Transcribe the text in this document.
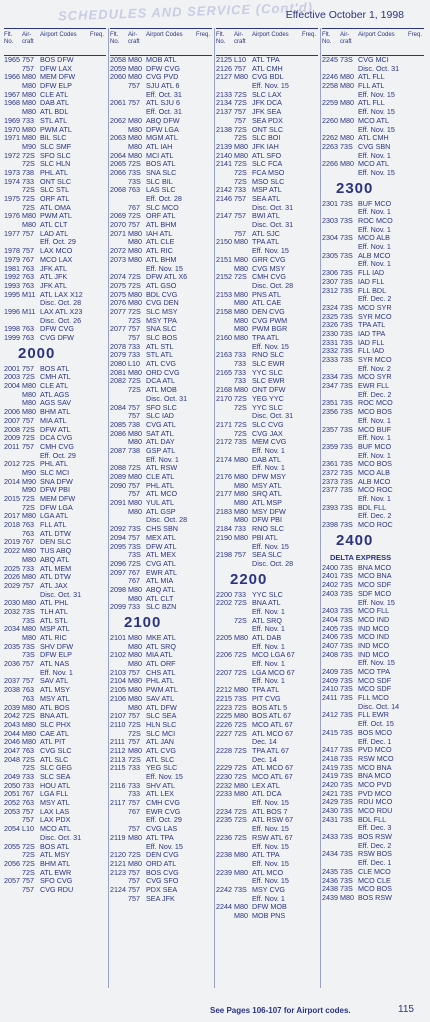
SCHEDULES AND SERVICE (Cont'd)
Effective October 1, 1998
Flt. No.
Air- craft
Airport Codes	Freq.
1965 757 BOS DFW
757 DFW LAX
1966 M80 MEM DFW
M80 DFW ELP
1967 M80 CLE ATL
1968 M80 DAB ATL
M80 ATL BDL
1969 733 STL ATL
1970 M80 PWM ATL
1971 M80 BIL SLC
M90 SLC SMF
1972 72S SFO SLC
72S SLC HLN
1973 738 PHL ATL
1974 733 ONT SLC
72S SLC STL
1975 72S ORF ATL
72S ATL OMA
1976 M80 PWM ATL
M80 ATL CLT
1977 757 LAD ATL
Eff. Oct. 29
1978 757 LAX MCO
1979 767 MCO LAX
1981 763 JFK ATL
1992 763 ATL JFK
1993 763 JFK ATL
1995 M11 ATL LAX X12
Disc. Oct. 28
1996 M11 LAX ATL X23
Disc. Oct. 26
1998 763 DFW CVG
1999 763 CVG DFW
2000
2001 757 BOS ATL
2003 72S CMH ATL
2004 M80 CLE ATL
M80 ATL AGS
M80 AGS SAV
2006 M80 BHM ATL
2007 757 MIA ATL
2008 72S DFW ATL
2009 72S DCA CVG
2011 757 CMH CVG
Eff. Oct. 29
2012 72S PHL ATL
M90 SLC MCI
2014 M90 SNA DFW
M90 DFW PBI
2015 72S MEM DFW
72S DFW LGA
2017 M80 LGA ATL
2018 763 FLL ATL
763 ATL DTW
2019 767 DEN SLC
2022 M80 TUS ABQ
M80 ABQ ATL
2025 733 ATL MEM
2026 M80 ATL DTW
2029 757 ATL JAX
Disc. Oct. 31
2030 M80 ATL PHL
2032 73S TLH ATL
73S ATL STL
2034 M80 MSP ATL
M80 ATL RIC
2035 73S SHV DFW
73S DFW ELP
2036 757 ATL NAS
Eff. Nov. 1
2037 757 SAV ATL
2038 763 ATL MSY
763 MSY ATL
2039 M80 ATL BOS
2042 72S BNA ATL
2043 M80 SLC PHX
2044 M80 CAE ATL
2046 M80 ATL PIT
2047 763 CVG SLC
2048 72S ATL SLC
72S SLC GEG
2049 733 SLC SEA
2050 733 HOU ATL
2051 767 LGA FLL
2052 763 MSY ATL
2053 757 LAX LAS
757 LAX PDX
2054 L10 MCO ATL
Disc. Oct. 31
2055 72S BOS ATL
72S ATL MSY
2056 72S BHM ATL
72S ATL EWR
2057 757 SFO CVG
757 CVG RDU
Flt. No.
Air- craft
Airport Codes	Freq.
2058 M80 MOB ATL
2059 M80 DFW CVG
2060 M80 CVG PVD
757 SJU ATL 6
Eff. Oct. 31
2061 757 ATL SJU 6
Eff. Oct. 31
2062 M80 ABQ DFW
M80 DFW LGA
2063 M80 MGM ATL
M80 ATL IAH
2064 M80 MCI ATL
2065 72S BOS ATL
2066 73S SNA SLC
73S SLC BIL
2068 763 LAS SLC
Eff. Oct. 28
767 SLC MCO
2069 72S ORF ATL
2070 757 ATL BHM
2071 M80 IAH ATL
M80 ATL CLE
2072 M80 ATL RIC
2073 M80 ATL BHM
Eff. Nov. 15
2074 72S DFW ATL X6
2075 72S ATL GSO
2075 M80 BDL CVG
2076 M80 CVG DEN
2077 72S SLC MSY
72S MSY TPA
2077 757 SNA SLC
757 SLC BOS
2078 733 ATL STL
2079 733 STL ATL
2080 L10 ATL CVG
2081 M80 ORD CVG
2082 72S DCA ATL
72S ATL MOB
Disc. Oct. 31
2084 757 SFO SLC
757 SLC IAD
2085 738 CVG ATL
2086 M80 SAT ATL
M80 ATL DAY
2087 738 GSP ATL
Eff. Nov. 1
2088 72S ATL RSW
2089 M80 CLE ATL
2090 757 PHL ATL
757 ATL MCO
2091 M80 YUL ATL
M80 ATL GSP
Disc. Oct. 28
2092 73S CHS SBN
2094 757 MEX ATL
2095 73S DFW ATL
73S ATL MEX
2096 72S CVG ATL
2097 767 EWR ATL
767 ATL MIA
2098 M80 ABQ ATL
M80 ATL CLT
2099 733 SLC BZN
2100
2101 M80 MKE ATL
M80 ATL SRQ
2102 M80 MIA ATL
M80 ATL ORF
2103 757 CHS ATL
2104 M80 PHL ATL
2105 M80 PWM ATL
2106 M80 SAV ATL
M80 ATL DFW
2107 757 SLC SEA
2110 72S HLN SLC
72S SLC MCI
2111 757 ATL JAN
2112 M80 ATL CVG
2113 72S ATL SLC
2115 733 YEG SLC
Eff. Nov. 15
2116 733 SHV ATL
733 ATL LEX
2117 757 CMH CVG
767 EWR CVG
Eff. Oct. 29
757 CVG LAS
2119 M80 ATL TPA
Eff. Nov. 15
2120 72S DEN CVG
2121 M80 ORD ATL
2123 757 BOS CVG
757 CVG SFO
2124 757 PDX SEA
757 SEA JFK
Flt. No.
Air- craft
Airport Codes	Freq.
2125 L10 ATL TPA
2126 757 ATL CMH
2127 M80 CVG BDL
Eff. Nov. 15
2133 72S SLC LAX
2134 72S JFK DCA
2137 757 JFK SEA
757 SEA PDX
2138 72S ONT SLC
72S SLC BOI
2139 M80 JFK IAH
2140 M80 ATL SFO
2141 72S SLC FCA
72S FCA MSO
72S MSO SLC
2142 733 MSP ATL
2146 757 SEA ATL
Disc. Oct. 31
2147 757 BWI ATL
Disc. Oct. 31
757 ATL SJC
2150 M80 TPA ATL
Eff. Nov. 15
2151 M80 GRR CVG
M80 CVG MSY
2152 72S CMH CVG
Disc. Oct. 28
2153 M80 PNS ATL
M80 ATL CAE
2158 M80 DEN CVG
M80 CVG PWM
M80 PWM BGR
2160 M80 TPA ATL
Eff. Nov. 15
2163 733 RNO SLC
733 SLC EWR
2165 733 YYC SLC
733 SLC EWR
2168 M80 ONT DFW
2170 72S YEG YYC
72S YYC SLC
Disc. Oct. 31
2171 72S SLC CVG
72S CVG JAX
2172 73S MEM CVG
Eff. Nov. 1
2174 M80 DAB ATL
Eff. Nov. 1
2176 M80 DFW MSY
M80 MSY ATL
2177 M80 SRQ ATL
M80 ATL MSP
2183 M80 MSY DFW
M80 DFW PBI
2184 733 RNO SLC
2190 M80 PBI ATL
Eff. Nov. 15
2198 757 SEA SLC
Disc. Oct. 28
2200
2200 733 YYC SLC
2202 72S BNA ATL
Eff. Nov. 1
72S ATL SRQ
Eff. Nov. 1
2205 M80 ATL DAB
Eff. Nov. 1
2206 72S MCO LGA 67
Eff. Nov. 1
2207 72S LGA MCO 67
Eff. Nov. 1
2212 M80 TPA ATL
2215 73S PIT CVG
2223 72S BOS ATL 5
2225 M80 BOS ATL 67
2226 72S MCO ATL 67
2227 72S ATL MCO 67
Dec. 14
2228 72S TPA ATL 67
Dec. 14
2229 72S ATL MCO 67
2230 72S MCO ATL 67
2232 M80 LEX ATL
2233 M80 ATL DCA
Eff. Nov. 15
2234 72S ATL BOS 7
2235 72S ATL RSW 67
Eff. Nov. 15
2236 72S RSW ATL 67
Eff. Nov. 15
2238 M80 ATL TPA
Eff. Nov. 15
2239 M80 ATL MCO
Eff. Nov. 15
2242 73S MSY CVG
Eff. Nov. 1
2244 M80 DFW MOB
M80 MOB PNS
Flt. No.
Air- craft
Airport Codes	Freq.
2245 73S CVG MCI
Disc. Oct. 31
2246 M80 ATL FLL
2258 M80 FLL ATL
Eff. Nov. 15
2259 M80 ATL FLL
Eff. Nov. 15
2260 M80 MCO ATL
Eff. Nov. 15
2262 M80 ATL CMH
2263 73S CVG SBN
Eff. Nov. 1
2266 M80 MCO ATL
Eff. Nov. 15
2300
2301 73S BUF MCO
Eff. Nov. 1
2303 73S ROC MCO
Eff. Nov. 1
2304 73S MCO ALB
Eff. Nov. 1
2305 73S ALB MCO
Eff. Nov. 1
2306 73S FLL IAD
2307 73S IAD FLL
2312 73S FLL BDL
Eff. Dec. 2
2324 73S MCO SYR
2325 73S SYR MCO
2326 73S TPA ATL
2330 73S IAD TPA
2331 73S IAD FLL
2332 73S FLL IAD
2333 73S SYR MCO
Eff. Nov. 2
2334 73S MCO SYR
2347 73S EWR FLL
Eff. Dec. 2
2351 73S ROC MCO
2356 73S MCO BOS
Eff. Nov. 1
2357 73S MCO BUF
Eff. Nov. 1
2359 73S BUF MCO
Eff. Nov. 1
2361 73S MCO BOS
2372 73S MCO ALB
2373 73S ALB MCO
2377 73S MCO ROC
Eff. Nov. 1
2393 73S BDL FLL
Eff. Dec. 2
2398 73S MCO ROC
2400
DELTA EXPRESS
2400 73S BNA MCO
2401 73S MCO BNA
2402 73S MCO SDF
2403 73S SDF MCO
Eff. Nov. 15
2403 73S MCO FLL
2404 73S MCO IND
2405 73S IND MCO
2406 73S MCO IND
2407 73S IND MCO
2408 73S IND MCO
Eff. Nov. 15
2409 73S MCO TPA
2409 73S MCO SDF
2410 73S MCO SDF
2411 73S FLL MCO
Disc. Oct. 14
2412 73S FLL EWR
Eff. Oct. 15
2415 73S BOS MCO
Eff. Dec. 1
2417 73S PVD MCO
2418 73S RSW MCO
2419 73S MCO BNA
2419 73S BNA MCO
2420 73S MCO PVD
2421 73S PVD MCO
2429 73S RDU MCO
2430 73S MCO RDU
2431 73S BDL FLL
Eff. Dec. 3
2433 73S BOS RSW
Eff. Dec. 2
2434 73S RSW BOS
Eff. Dec. 1
2435 73S CLE MCO
2436 73S MCO CLE
2438 73S MCO BOS
2439 M80 BOS RSW
See Pages 106-107 for Airport codes.	115
